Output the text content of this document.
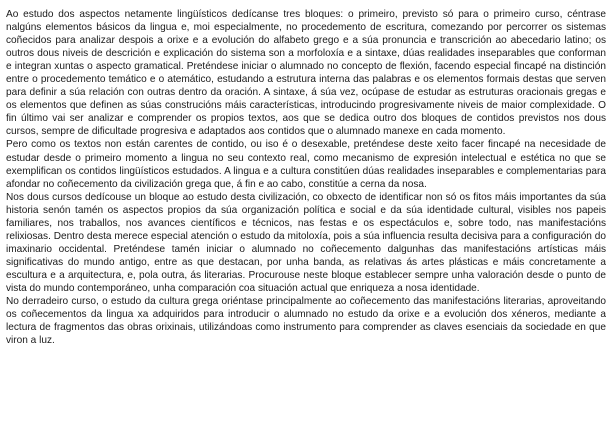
Ao estudo dos aspectos netamente lingüísticos dedícanse tres bloques: o primeiro, previsto só para o primeiro curso, céntrase nalgúns elementos básicos da lingua e, moi especialmente, no procedemento de escritura, comezando por percorrer os sistemas coñecidos para analizar despois a orixe e a evolución do alfabeto grego e a súa pronuncia e transcrición ao abecedario latino; os outros dous niveis de descrición e explicación do sistema son a morfoloxía e a sintaxe, dúas realidades inseparables que conforman e integran xuntas o aspecto gramatical. Preténdese iniciar o alumnado no concepto de flexión, facendo especial fincapé na distinción entre o procedemento temático e o atemático, estudando a estrutura interna das palabras e os elementos formais destas que serven para definir a súa relación con outras dentro da oración. A sintaxe, á súa vez, ocúpase de estudar as estruturas oracionais gregas e os elementos que definen as súas construcións máis características, introducindo progresivamente niveis de maior complexidade. O fin último vai ser analizar e comprender os propios textos, aos que se dedica outro dos bloques de contidos previstos nos dous cursos, sempre de dificultade progresiva e adaptados aos contidos que o alumnado manexe en cada momento.

Pero como os textos non están carentes de contido, ou iso é o desexable, preténdese deste xeito facer fincapé na necesidade de estudar desde o primeiro momento a lingua no seu contexto real, como mecanismo de expresión intelectual e estética no que se exemplifican os contidos lingüísticos estudados. A lingua e a cultura constitúen dúas realidades inseparables e complementarias para afondar no coñecemento da civilización grega que, á fin e ao cabo, constitúe a cerna da nosa.

Nos dous cursos dedícouse un bloque ao estudo desta civilización, co obxecto de identificar non só os fitos máis importantes da súa historia senón tamén os aspectos propios da súa organización política e social e da súa identidade cultural, visibles nos papeis familiares, nos traballos, nos avances científicos e técnicos, nas festas e os espectáculos e, sobre todo, nas manifestacións relixiosas. Dentro desta merece especial atención o estudo da mitoloxía, pois a súa influencia resulta decisiva para a configuración do imaxinario occidental. Preténdese tamén iniciar o alumnado no coñecemento dalgunhas das manifestacións artísticas máis significativas do mundo antigo, entre as que destacan, por unha banda, as relativas ás artes plásticas e máis concretamente a escultura e a arquitectura, e, pola outra, ás literarias. Procurouse neste bloque establecer sempre unha valoración desde o punto de vista do mundo contemporáneo, unha comparación coa situación actual que enriqueza a nosa identidade.

No derradeiro curso, o estudo da cultura grega oriéntase principalmente ao coñecemento das manifestacións literarias, aproveitando os coñecementos da lingua xa adquiridos para introducir o alumnado no estudo da orixe e a evolución dos xéneros, mediante a lectura de fragmentos das obras orixinais, utilizándoas como instrumento para comprender as claves esenciais da sociedade en que viron a luz.
